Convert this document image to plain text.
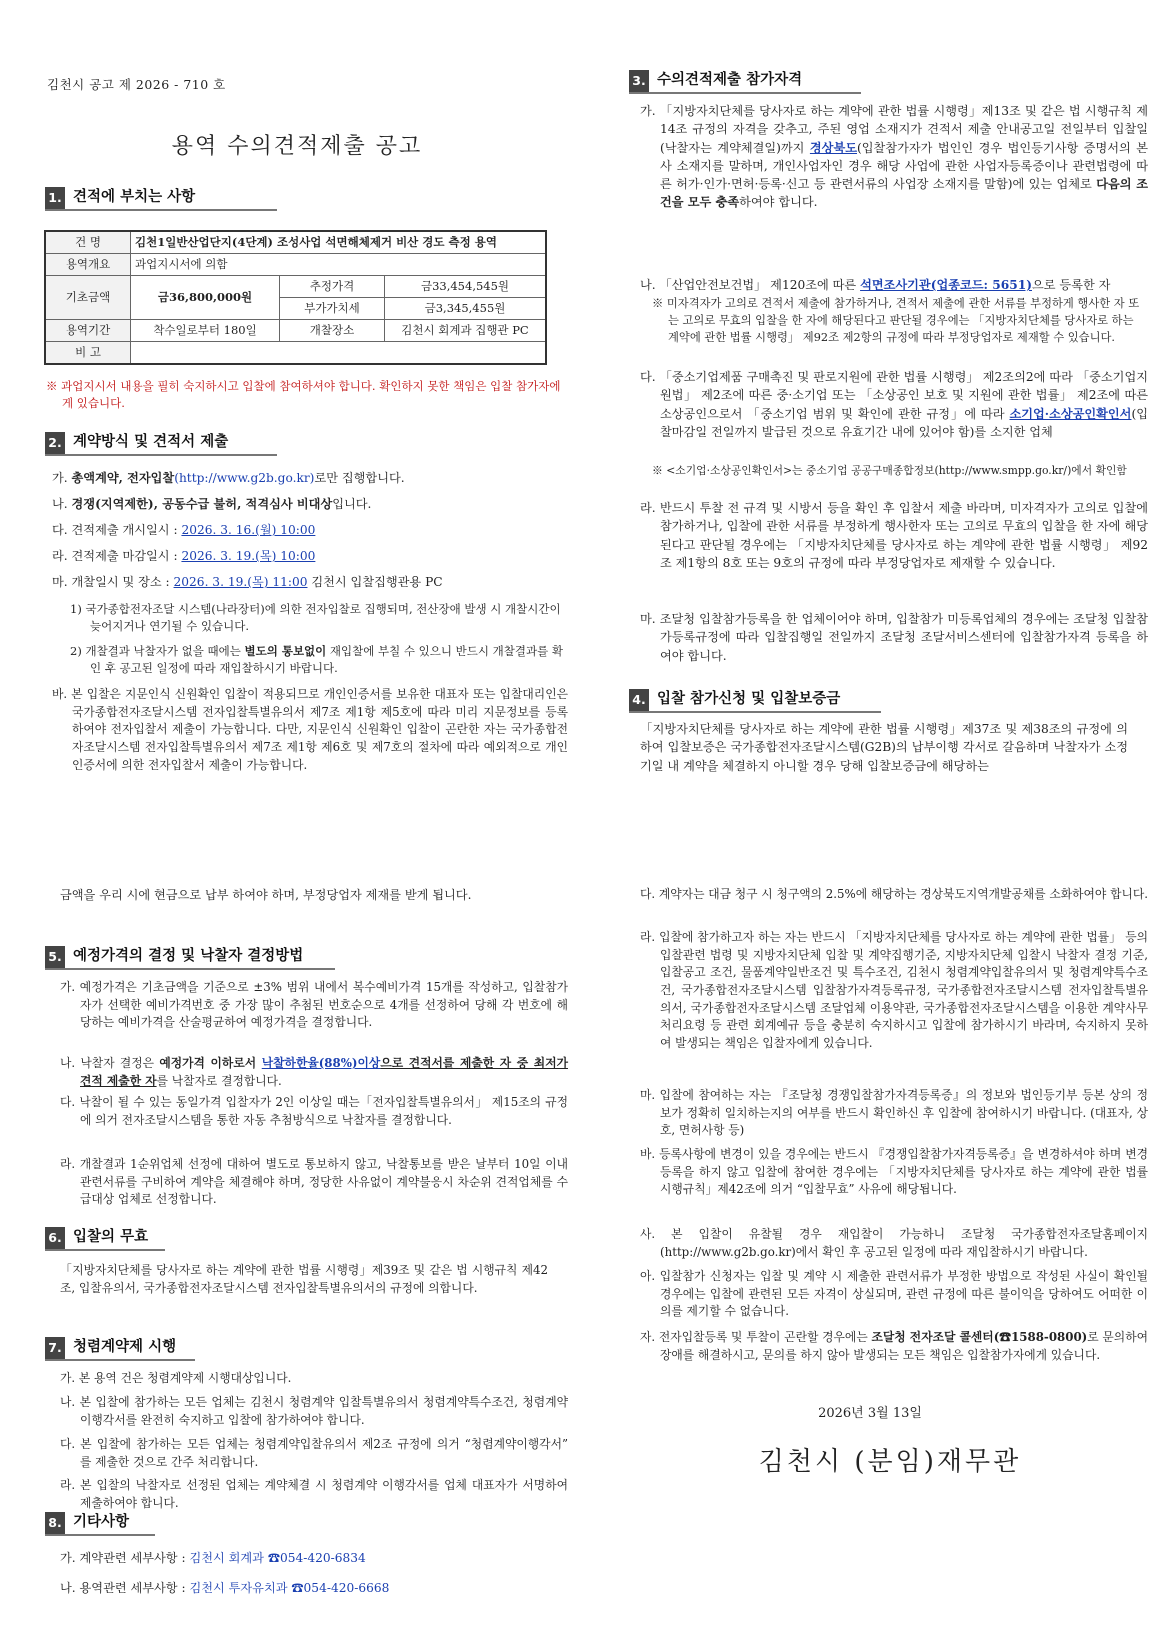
김천시 공고 제 2026 - 710 호
용역 수의견적제출 공고
1. 견적에 부치는 사항
건 명	김천1일반산업단지(4단계) 조성사업 석면해체제거 비산 경도 측정 용역		
용역개요	과업지시서에 의함		
기초금액	금36,800,000원	추정가격	금33,454,545원
		부가가치세	금3,345,455원
용역기간	착수일로부터 180일	개찰장소	김천시 회계과 집행관 PC
비 고			
※ 과업지시서 내용을 필히 숙지하시고 입찰에 참여하셔야 합니다. 확인하지 못한 책임은 입찰 참가자에게 있습니다.
2. 계약방식 및 견적서 제출
가. 총액계약, 전자입찰(http://www.g2b.go.kr)로만 집행합니다.
나. 경쟁(지역제한), 공동수급 불허, 적격심사 비대상입니다.
다. 견적제출 개시일시 : 2026. 3. 16.(월) 10:00
라. 견적제출 마감일시 : 2026. 3. 19.(목) 10:00
마. 개찰일시 및 장소 : 2026. 3. 19.(목) 11:00 김천시 입찰집행관용 PC
1) 국가종합전자조달 시스템(나라장터)에 의한 전자입찰로 집행되며, 전산장애 발생 시 개찰시간이 늦어지거나 연기될 수 있습니다.
2) 개찰결과 낙찰자가 없을 때에는 별도의 통보없이 재입찰에 부칠 수 있으니 반드시 개찰결과를 확인 후 공고된 일정에 따라 재입찰하시기 바랍니다.
바. 본 입찰은 지문인식 신원확인 입찰이 적용되므로 개인인증서를 보유한 대표자 또는 입찰대리인은 국가종합전자조달시스템 전자입찰특별유의서 제7조 제1항 제5호에 따라 미리 지문정보를 등록하여야 전자입찰서 제출이 가능합니다. 다만, 지문인식 신원확인 입찰이 곤란한 자는 국가종합전자조달시스템 전자입찰특별유의서 제7조 제1항 제6호 및 제7호의 절차에 따라 예외적으로 개인인증서에 의한 전자입찰서 제출이 가능합니다.
3. 수의견적제출 참가자격
가. 「지방자치단체를 당사자로 하는 계약에 관한 법률 시행령」제13조 및 같은 법 시행규칙 제14조 규정의 자격을 갖추고, 주된 영업 소재지가 견적서 제출 안내공고일 전일부터 입찰일(낙찰자는 계약체결일)까지 경상북도(입찰참가자가 법인인 경우 법인등기사항 증명서의 본사 소재지를 말하며, 개인사업자인 경우 해당 사업에 관한 사업자등록증이나 관련법령에 따른 허가·인가·면허·등록·신고 등 관련서류의 사업장 소재지를 말함)에 있는 업체로 다음의 조건을 모두 충족하여야 합니다.
나. 「산업안전보건법」 제120조에 따른 석면조사기관(업종코드: 5651)으로 등록한 자
※ 미자격자가 고의로 견적서 제출에 참가하거나, 견적서 제출에 관한 서류를 부정하게 행사한 자 또는 고의로 무효의 입찰을 한 자에 해당된다고 판단될 경우에는 「지방자치단체를 당사자로 하는 계약에 관한 법률 시행령」 제92조 제2항의 규정에 따라 부정당업자로 제재할 수 있습니다.
다. 「중소기업제품 구매촉진 및 판로지원에 관한 법률 시행령」 제2조의2에 따라 「중소기업지원법」 제2조에 따른 중·소기업 또는 「소상공인 보호 및 지원에 관한 법률」 제2조에 따른 소상공인으로서 「중소기업 범위 및 확인에 관한 규정」에 따라 소기업·소상공인확인서(입찰마감일 전일까지 발급된 것으로 유효기간 내에 있어야 함)를 소지한 업체
※ <소기업·소상공인확인서>는 중소기업 공공구매종합정보(http://www.smpp.go.kr/)에서 확인함
라. 반드시 투찰 전 규격 및 시방서 등을 확인 후 입찰서 제출 바라며, 미자격자가 고의로 입찰에 참가하거나, 입찰에 관한 서류를 부정하게 행사한자 또는 고의로 무효의 입찰을 한 자에 해당된다고 판단될 경우에는 「지방자치단체를 당사자로 하는 계약에 관한 법률 시행령」 제92조 제1항의 8호 또는 9호의 규정에 따라 부정당업자로 제재할 수 있습니다.
마. 조달청 입찰참가등록을 한 업체이어야 하며, 입찰참가 미등록업체의 경우에는 조달청 입찰참가등록규정에 따라 입찰집행일 전일까지 조달청 조달서비스센터에 입찰참가자격 등록을 하여야 합니다.
4. 입찰 참가신청 및 입찰보증금
「지방자치단체를 당사자로 하는 계약에 관한 법률 시행령」제37조 및 제38조의 규정에 의하여 입찰보증은 국가종합전자조달시스템(G2B)의 납부이행 각서로 갈음하며 낙찰자가 소정 기일 내 계약을 체결하지 아니할 경우 당해 입찰보증금에 해당하는
금액을 우리 시에 현금으로 납부 하여야 하며, 부정당업자 제재를 받게 됩니다.
5. 예정가격의 결정 및 낙찰자 결정방법
가. 예정가격은 기초금액을 기준으로 ±3% 범위 내에서 복수예비가격 15개를 작성하고, 입찰참가자가 선택한 예비가격번호 중 가장 많이 추첨된 번호순으로 4개를 선정하여 당해 각 번호에 해당하는 예비가격을 산술평균하여 예정가격을 결정합니다.
나. 낙찰자 결정은 예정가격 이하로서 낙찰하한율(88%)이상으로 견적서를 제출한 자 중 최저가 견적 제출한 자를 낙찰자로 결정합니다.
다. 낙찰이 될 수 있는 동일가격 입찰자가 2인 이상일 때는「전자입찰특별유의서」 제15조의 규정에 의거 전자조달시스템을 통한 자동 추첨방식으로 낙찰자를 결정합니다.
라. 개찰결과 1순위업체 선정에 대하여 별도로 통보하지 않고, 낙찰통보를 받은 날부터 10일 이내 관련서류를 구비하여 계약을 체결해야 하며, 정당한 사유없이 계약불응시 차순위 견적업체를 수급대상 업체로 선정합니다.
6. 입찰의 무효
「지방자치단체를 당사자로 하는 계약에 관한 법률 시행령」제39조 및 같은 법 시행규칙 제42조, 입찰유의서, 국가종합전자조달시스템 전자입찰특별유의서의 규정에 의합니다.
7. 청렴계약제 시행
가. 본 용역 건은 청렴계약제 시행대상입니다.
나. 본 입찰에 참가하는 모든 업체는 김천시 청렴계약 입찰특별유의서 청렴계약특수조건, 청렴계약 이행각서를 완전히 숙지하고 입찰에 참가하여야 합니다.
다. 본 입찰에 참가하는 모든 업체는 청렴계약입찰유의서 제2조 규정에 의거 “청렴계약이행각서” 를 제출한 것으로 간주 처리합니다.
라. 본 입찰의 낙찰자로 선정된 업체는 계약체결 시 청렴계약 이행각서를 업체 대표자가 서명하여 제출하여야 합니다.
8. 기타사항
가. 계약관련 세부사항 : 김천시 회계과 ☎054-420-6834
나. 용역관련 세부사항 : 김천시 투자유치과 ☎054-420-6668
다. 계약자는 대금 청구 시 청구액의 2.5%에 해당하는 경상북도지역개발공채를 소화하여야 합니다.
라. 입찰에 참가하고자 하는 자는 반드시 「지방자치단체를 당사자로 하는 계약에 관한 법률」 등의 입찰관련 법령 및 지방자치단체 입찰 및 계약집행기준, 지방자치단체 입찰시 낙찰자 결정 기준, 입찰공고 조건, 물품계약일반조건 및 특수조건, 김천시 청렴계약입찰유의서 및 청렴계약특수조건, 국가종합전자조달시스템 입찰참가자격등록규정, 국가종합전자조달시스템 전자입찰특별유의서, 국가종합전자조달시스템 조달업체 이용약관, 국가종합전자조달시스템을 이용한 계약사무처리요령 등 관련 회계예규 등을 충분히 숙지하시고 입찰에 참가하시기 바라며, 숙지하지 못하여 발생되는 책임은 입찰자에게 있습니다.
마. 입찰에 참여하는 자는 『조달청 경쟁입찰참가자격등록증』의 정보와 법인등기부 등본 상의 정보가 정확히 일치하는지의 여부를 반드시 확인하신 후 입찰에 참여하시기 바랍니다. (대표자, 상호, 면허사항 등)
바. 등록사항에 변경이 있을 경우에는 반드시 『경쟁입찰참가자격등록증』을 변경하셔야 하며 변경등록을 하지 않고 입찰에 참여한 경우에는 「지방자치단체를 당사자로 하는 계약에 관한 법률 시행규칙」제42조에 의거 “입찰무효” 사유에 해당됩니다.
사. 본 입찰이 유찰될 경우 재입찰이 가능하니 조달청 국가종합전자조달홈페이지(http://www.g2b.go.kr)에서 확인 후 공고된 일정에 따라 재입찰하시기 바랍니다.
아. 입찰참가 신청자는 입찰 및 계약 시 제출한 관련서류가 부정한 방법으로 작성된 사실이 확인될 경우에는 입찰에 관련된 모든 자격이 상실되며, 관련 규정에 따른 불이익을 당하여도 어떠한 이의를 제기할 수 없습니다.
자. 전자입찰등록 및 투찰이 곤란할 경우에는 조달청 전자조달 콜센터(☎1588-0800)로 문의하여 장애를 해결하시고, 문의를 하지 않아 발생되는 모든 책임은 입찰참가자에게 있습니다.
2026년 3월 13일
김천시 (분임)재무관
